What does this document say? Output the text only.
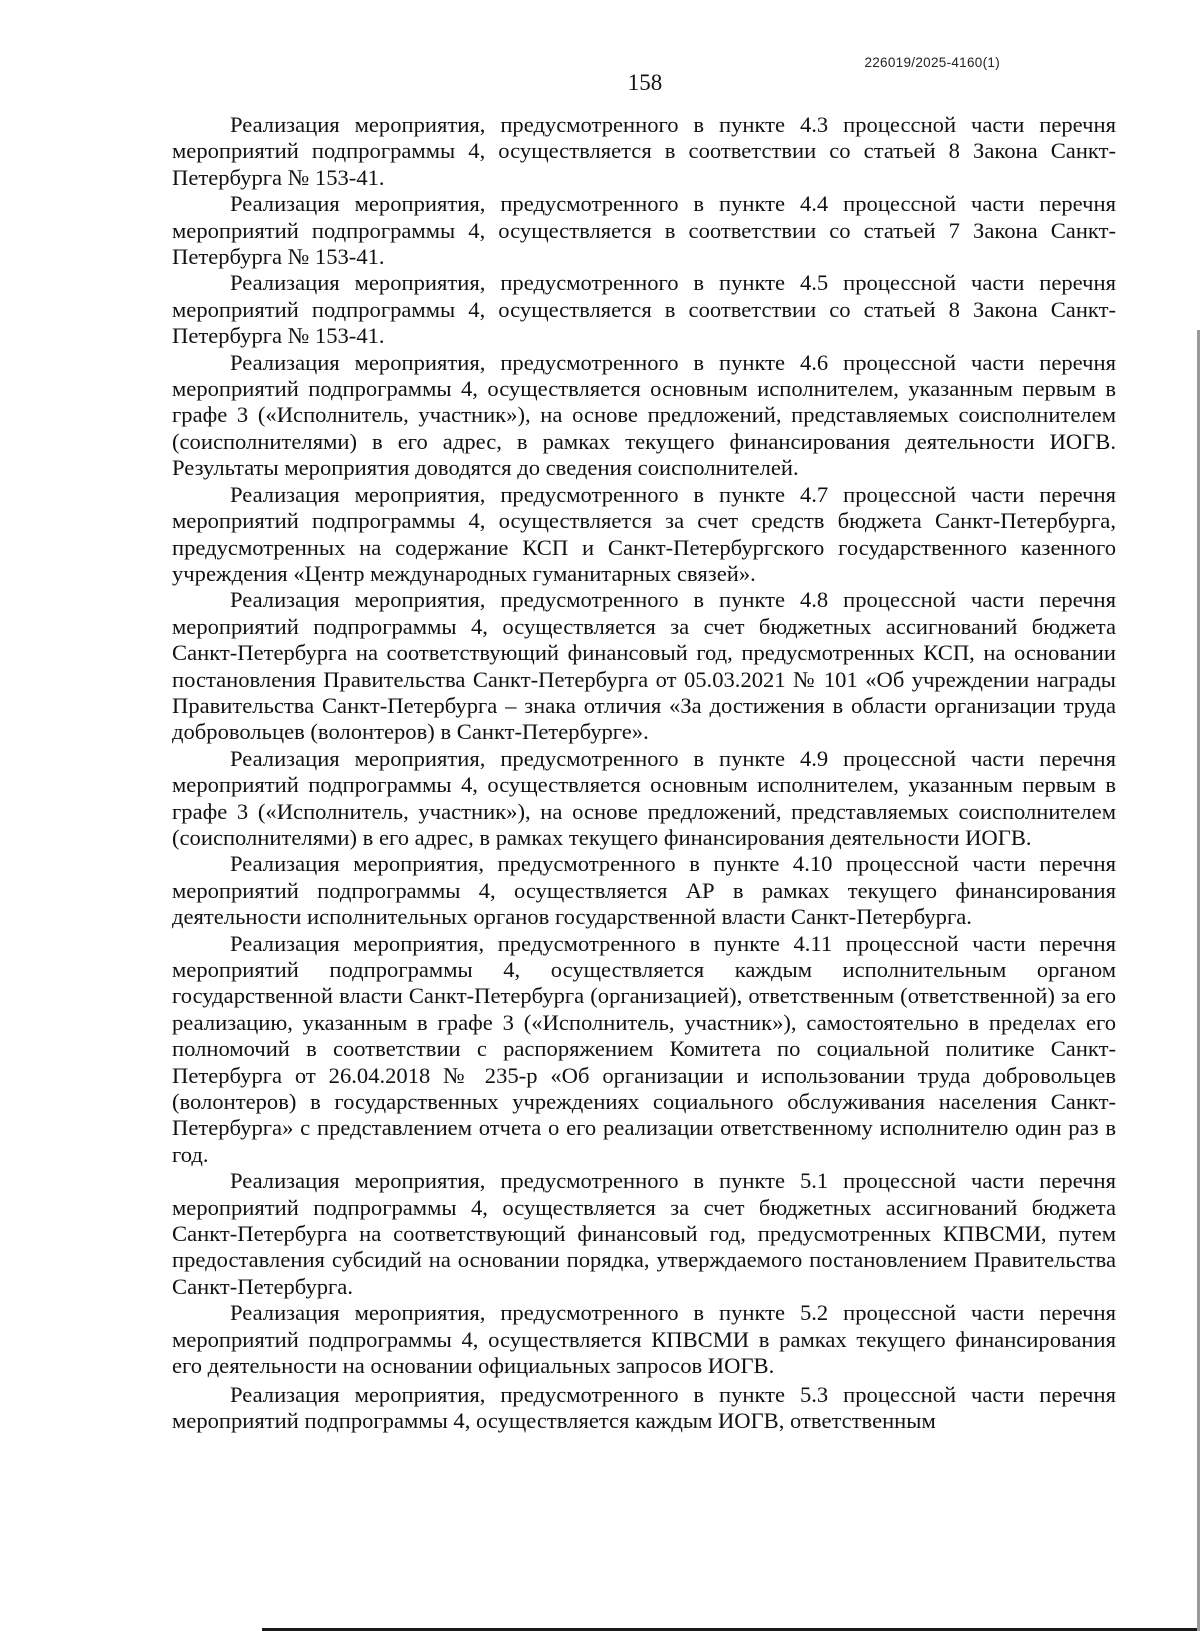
226019/2025-4160(1)
158

Реализация мероприятия, предусмотренного в пункте 4.3 процессной части перечня мероприятий подпрограммы 4, осуществляется в соответствии со статьей 8 Закона Санкт-Петербурга № 153-41.

Реализация мероприятия, предусмотренного в пункте 4.4 процессной части перечня мероприятий подпрограммы 4, осуществляется в соответствии со статьей 7 Закона Санкт-Петербурга № 153-41.

Реализация мероприятия, предусмотренного в пункте 4.5 процессной части перечня мероприятий подпрограммы 4, осуществляется в соответствии со статьей 8 Закона Санкт-Петербурга № 153-41.

Реализация мероприятия, предусмотренного в пункте 4.6 процессной части перечня мероприятий подпрограммы 4, осуществляется основным исполнителем, указанным первым в графе 3 («Исполнитель, участник»), на основе предложений, представляемых соисполнителем (соисполнителями) в его адрес, в рамках текущего финансирования деятельности ИОГВ. Результаты мероприятия доводятся до сведения соисполнителей.

Реализация мероприятия, предусмотренного в пункте 4.7 процессной части перечня мероприятий подпрограммы 4, осуществляется за счет средств бюджета Санкт-Петербурга, предусмотренных на содержание КСП и Санкт-Петербургского государственного казенного учреждения «Центр международных гуманитарных связей».

Реализация мероприятия, предусмотренного в пункте 4.8 процессной части перечня мероприятий подпрограммы 4, осуществляется за счет бюджетных ассигнований бюджета Санкт-Петербурга на соответствующий финансовый год, предусмотренных КСП, на основании постановления Правительства Санкт-Петербурга от 05.03.2021 № 101 «Об учреждении награды Правительства Санкт-Петербурга – знака отличия «За достижения в области организации труда добровольцев (волонтеров) в Санкт-Петербурге».

Реализация мероприятия, предусмотренного в пункте 4.9 процессной части перечня мероприятий подпрограммы 4, осуществляется основным исполнителем, указанным первым в графе 3 («Исполнитель, участник»), на основе предложений, представляемых соисполнителем (соисполнителями) в его адрес, в рамках текущего финансирования деятельности ИОГВ.

Реализация мероприятия, предусмотренного в пункте 4.10 процессной части перечня мероприятий подпрограммы 4, осуществляется АР в рамках текущего финансирования деятельности исполнительных органов государственной власти Санкт-Петербурга.

Реализация мероприятия, предусмотренного в пункте 4.11 процессной части перечня мероприятий подпрограммы 4, осуществляется каждым исполнительным органом государственной власти Санкт-Петербурга (организацией), ответственным (ответственной) за его реализацию, указанным в графе 3 («Исполнитель, участник»), самостоятельно в пределах его полномочий в соответствии с распоряжением Комитета по социальной политике Санкт-Петербурга от 26.04.2018 № 235-р «Об организации и использовании труда добровольцев (волонтеров) в государственных учреждениях социального обслуживания населения Санкт-Петербурга» с представлением отчета о его реализации ответственному исполнителю один раз в год.

Реализация мероприятия, предусмотренного в пункте 5.1 процессной части перечня мероприятий подпрограммы 4, осуществляется за счет бюджетных ассигнований бюджета Санкт-Петербурга на соответствующий финансовый год, предусмотренных КПВСМИ, путем предоставления субсидий на основании порядка, утверждаемого постановлением Правительства Санкт-Петербурга.

Реализация мероприятия, предусмотренного в пункте 5.2 процессной части перечня мероприятий подпрограммы 4, осуществляется КПВСМИ в рамках текущего финансирования его деятельности на основании официальных запросов ИОГВ.

Реализация мероприятия, предусмотренного в пункте 5.3 процессной части перечня мероприятий подпрограммы 4, осуществляется каждым ИОГВ, ответственным
